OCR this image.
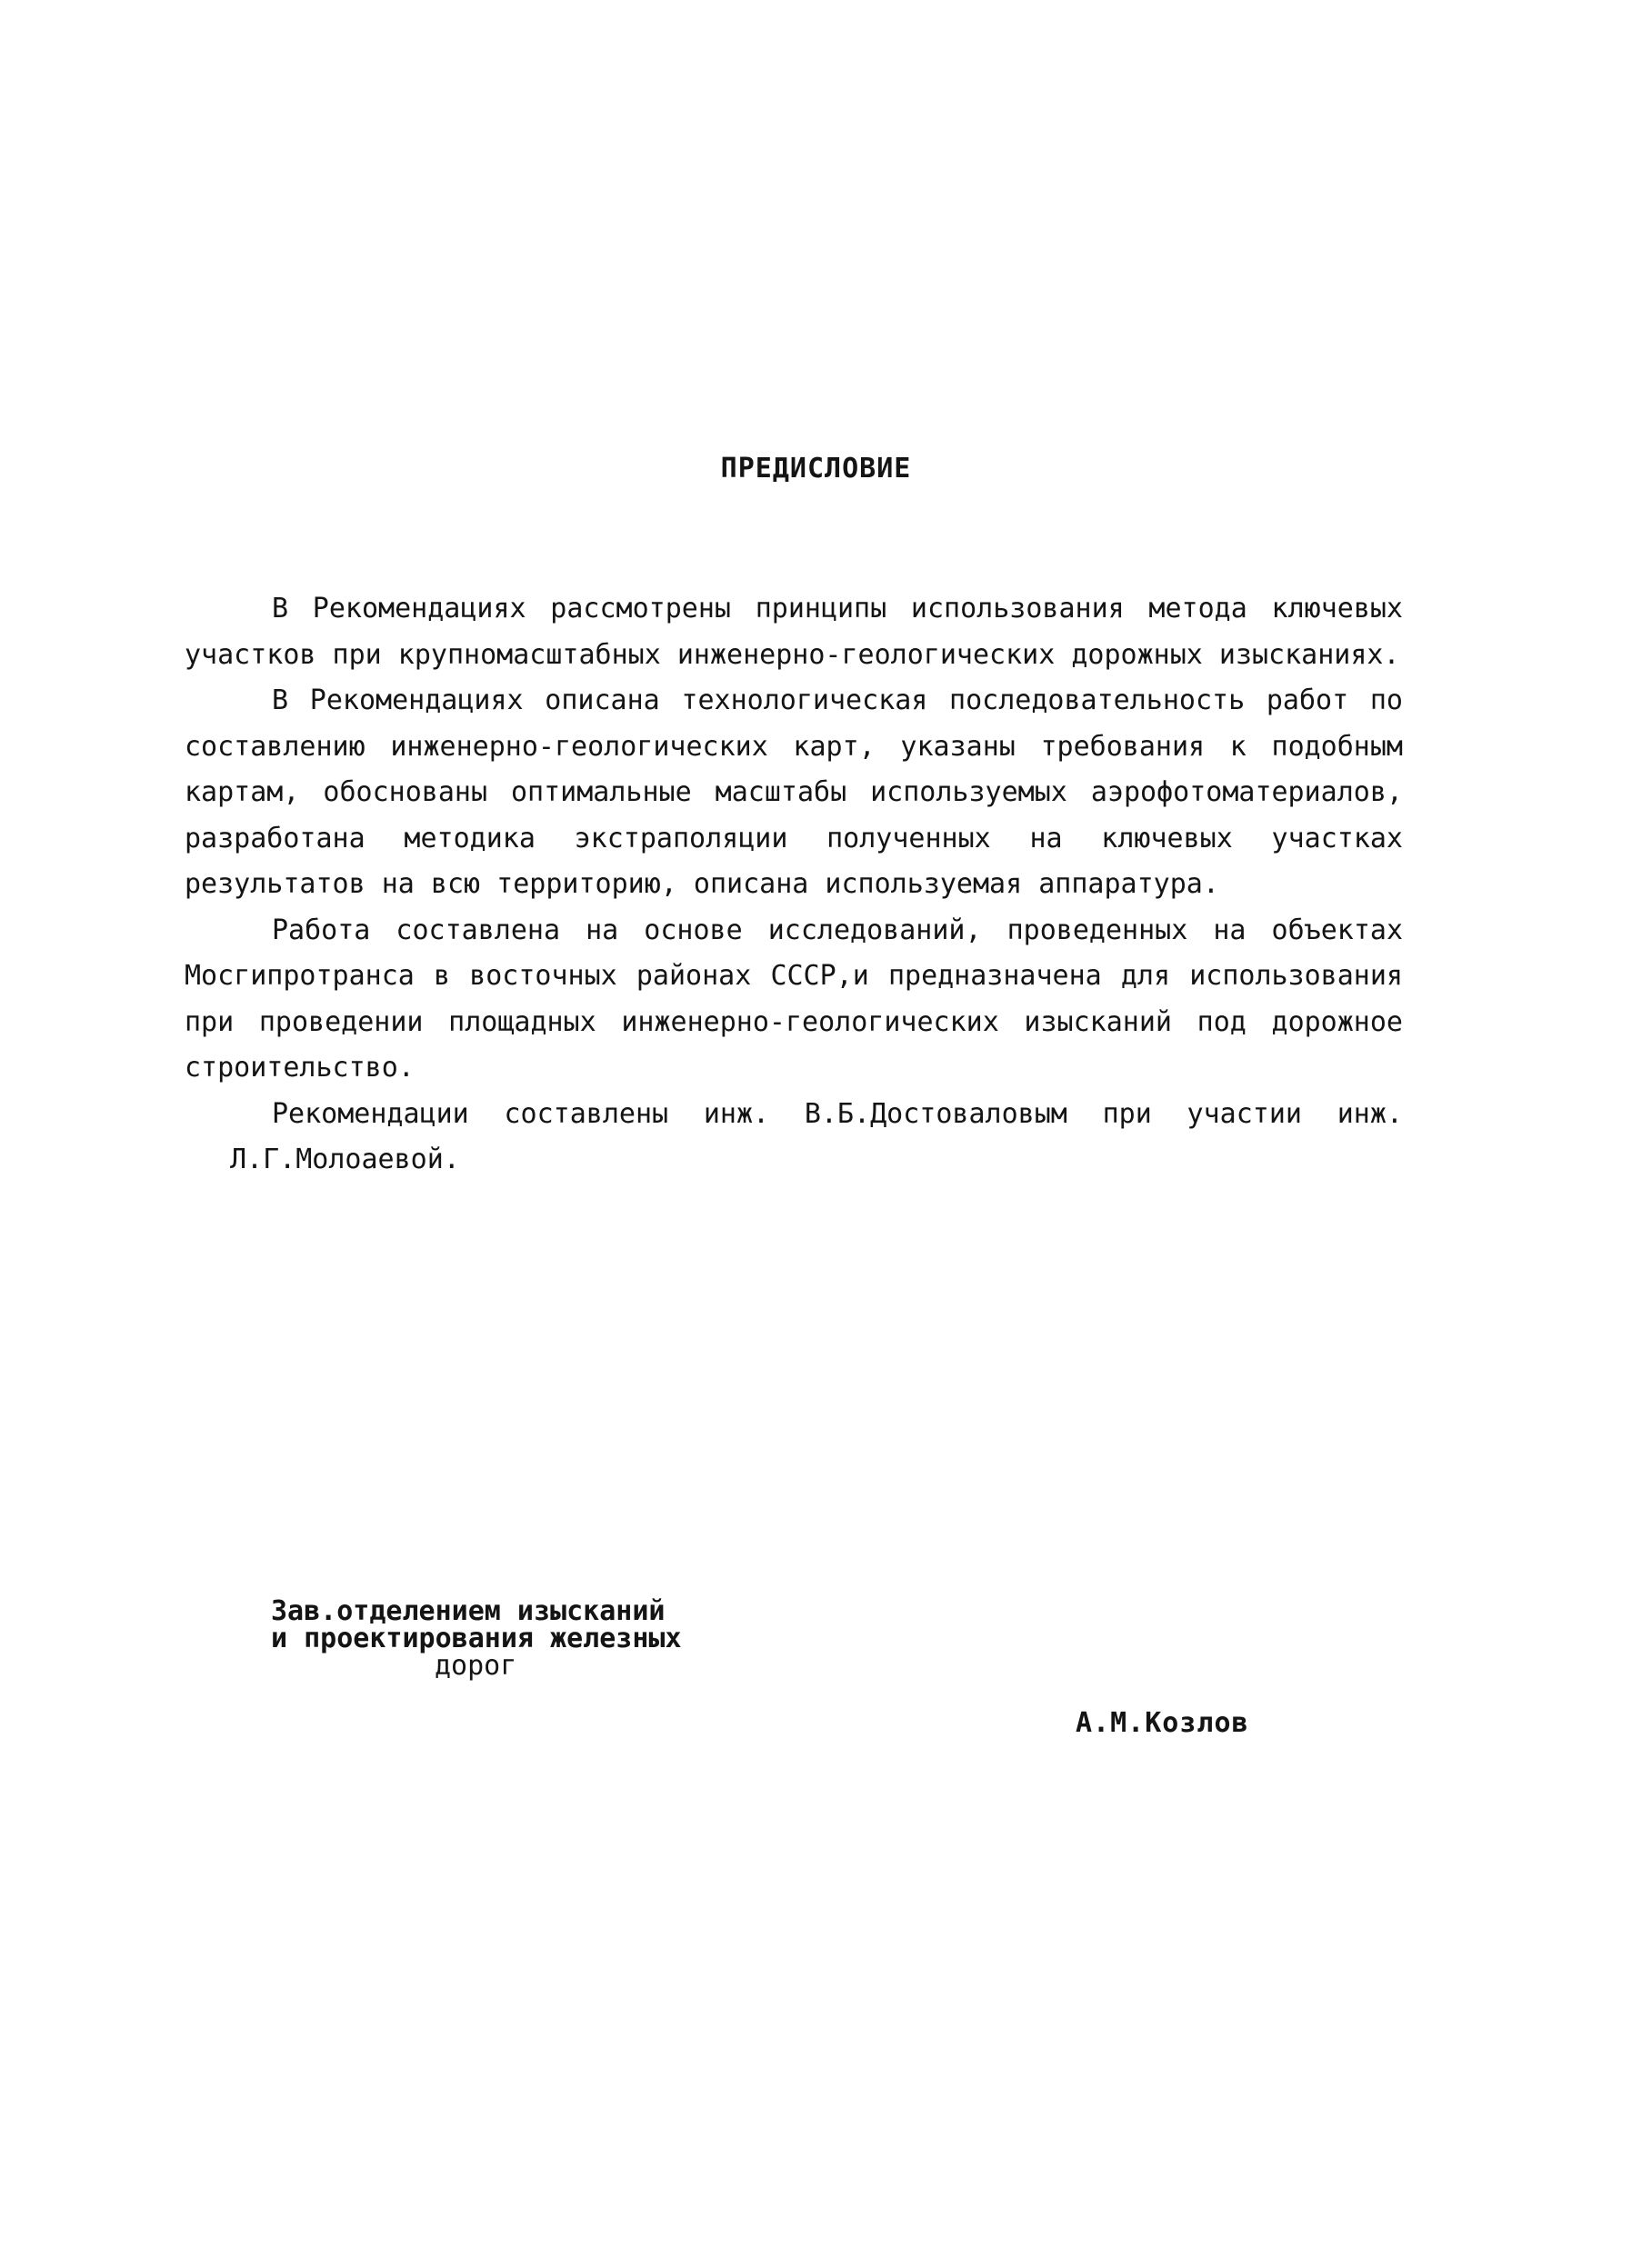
ПРЕДИСЛОВИЕ

В Рекомендациях рассмотрены принципы использования метода ключевых участков при крупномасштабных инженерно-геологических дорожных изысканиях.

В Рекомендациях описана технологическая последовательность работ по составлению инженерно-геологических карт, указаны требования к подобным картам, обоснованы оптимальные масштабы используемых аэрофотоматериалов, разработана методика экстраполяции полученных на ключевых участках результатов на всю территорию, описана используемая аппаратура.

Работа составлена на основе исследований, проведенных на объектах Мосгипротранса в восточных районах СССР,и предназначена для использования при проведении площадных инженерно-геологических изысканий под дорожное строительство.

Рекомендации составлены инж. В.Б.Достоваловым при участии инж. Л.Г.Молоаевой.

Зав.отделением изысканий
и проектирования железных
дорог
А.М.Козлов
